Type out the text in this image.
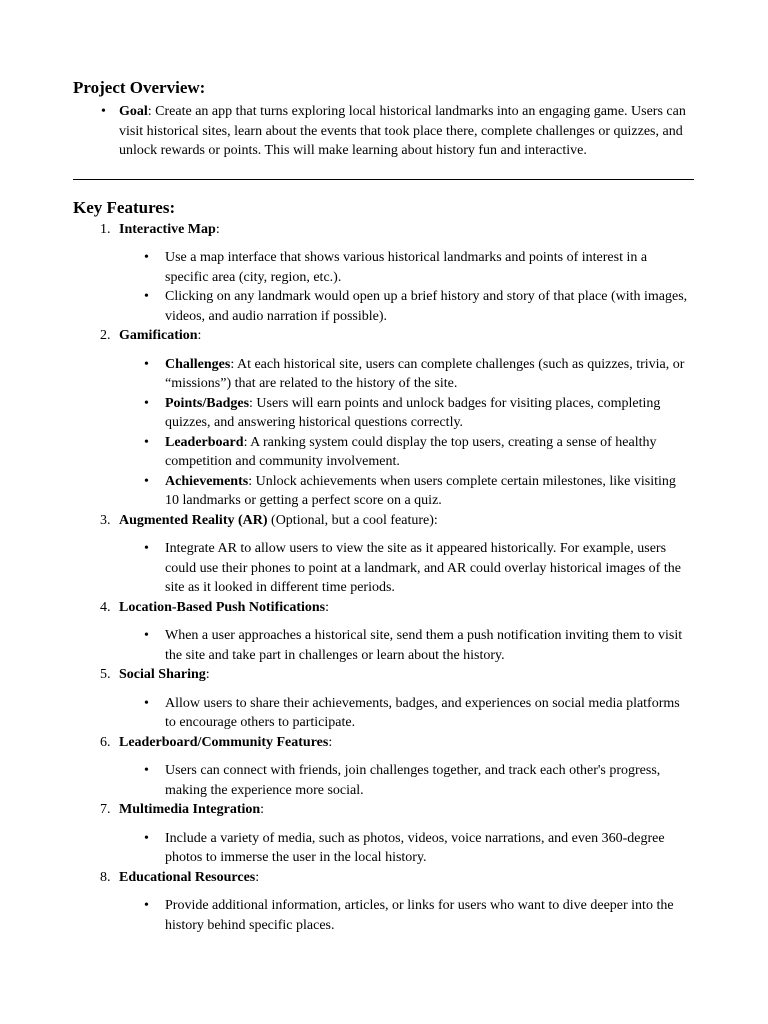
Project Overview:
• Goal: Create an app that turns exploring local historical landmarks into an engaging game. Users can visit historical sites, learn about the events that took place there, complete challenges or quizzes, and unlock rewards or points. This will make learning about history fun and interactive.
Key Features:
1. Interactive Map:
• Use a map interface that shows various historical landmarks and points of interest in a specific area (city, region, etc.).
• Clicking on any landmark would open up a brief history and story of that place (with images, videos, and audio narration if possible).
2. Gamification:
• Challenges: At each historical site, users can complete challenges (such as quizzes, trivia, or “missions”) that are related to the history of the site.
• Points/Badges: Users will earn points and unlock badges for visiting places, completing quizzes, and answering historical questions correctly.
• Leaderboard: A ranking system could display the top users, creating a sense of healthy competition and community involvement.
• Achievements: Unlock achievements when users complete certain milestones, like visiting 10 landmarks or getting a perfect score on a quiz.
3. Augmented Reality (AR) (Optional, but a cool feature):
• Integrate AR to allow users to view the site as it appeared historically. For example, users could use their phones to point at a landmark, and AR could overlay historical images of the site as it looked in different time periods.
4. Location-Based Push Notifications:
• When a user approaches a historical site, send them a push notification inviting them to visit the site and take part in challenges or learn about the history.
5. Social Sharing:
• Allow users to share their achievements, badges, and experiences on social media platforms to encourage others to participate.
6. Leaderboard/Community Features:
• Users can connect with friends, join challenges together, and track each other's progress, making the experience more social.
7. Multimedia Integration:
• Include a variety of media, such as photos, videos, voice narrations, and even 360-degree photos to immerse the user in the local history.
8. Educational Resources:
• Provide additional information, articles, or links for users who want to dive deeper into the history behind specific places.
